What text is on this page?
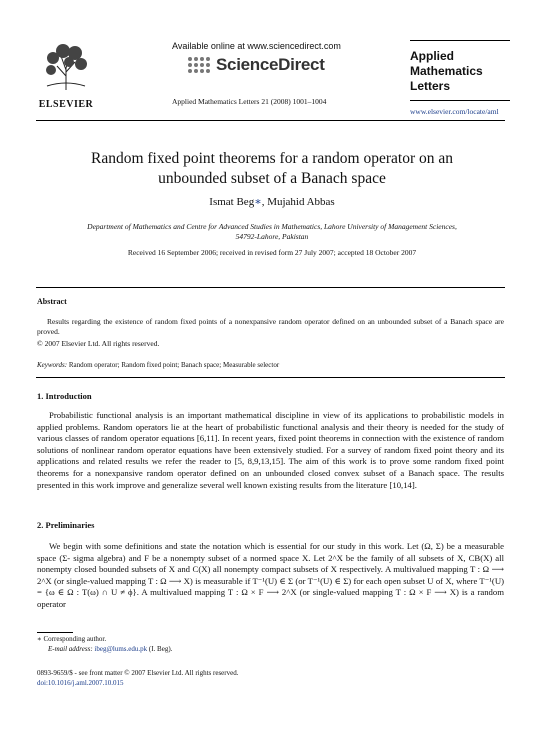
ELSEVIER
Available online at www.sciencedirect.com
ScienceDirect
Applied Mathematics Letters 21 (2008) 1001–1004
Applied
Mathematics
Letters
www.elsevier.com/locate/aml
Random fixed point theorems for a random operator on an
unbounded subset of a Banach space
Ismat Beg∗, Mujahid Abbas
Department of Mathematics and Centre for Advanced Studies in Mathematics, Lahore University of Management Sciences,
54792-Lahore, Pakistan
Received 16 September 2006; received in revised form 27 July 2007; accepted 18 October 2007
Abstract
Results regarding the existence of random fixed points of a nonexpansive random operator defined on an unbounded subset of a Banach space are proved.
© 2007 Elsevier Ltd. All rights reserved.
Keywords: Random operator; Random fixed point; Banach space; Measurable selector
1. Introduction

Probabilistic functional analysis is an important mathematical discipline in view of its applications to probabilistic models in applied problems. Random operators lie at the heart of probabilistic functional analysis and their theory is needed for the study of various classes of random operator equations [6,11]. In recent years, fixed point theorems in connection with the existence of random solutions of nonlinear random operator equations have been extensively studied. For a survey of random fixed point theory and its applications and related results we refer the reader to [5, 8,9,13,15]. The aim of this work is to prove some random fixed point theorems for a nonexpansive random operator defined on an unbounded closed convex subset of a Banach space. The results presented in this work improve and generalize several well known existing results from the literature [10,14].

2. Preliminaries

We begin with some definitions and state the notation which is essential for our study in this work. Let (Ω, Σ) be a measurable space (Σ- sigma algebra) and F be a nonempty subset of a normed space X. Let 2^X be the family of all subsets of X, CB(X) all nonempty closed bounded subsets of X and C(X) all nonempty compact subsets of X respectively. A multivalued mapping T : Ω ⟶ 2^X (or single-valued mapping T : Ω ⟶ X) is measurable if T⁻¹(U) ∈ Σ (or T⁻¹(U) ∈ Σ) for each open subset U of X, where T⁻¹(U) = {ω ∈ Ω : T(ω) ∩ U ≠ ϕ}. A multivalued mapping T : Ω × F ⟶ 2^X (or single-valued mapping T : Ω × F ⟶ X) is a random operator

∗ Corresponding author.
E-mail address: ibeg@lums.edu.pk (I. Beg).
0893-9659/$ - see front matter © 2007 Elsevier Ltd. All rights reserved.
doi:10.1016/j.aml.2007.10.015
